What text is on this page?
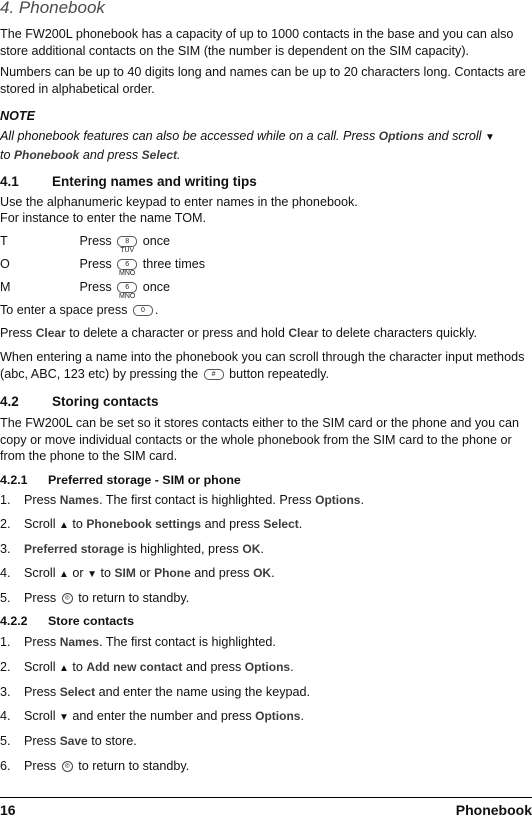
4. Phonebook

The FW200L phonebook has a capacity of up to 1000 contacts in the base and you can also store additional contacts on the SIM (the number is dependent on the SIM capacity).

Numbers can be up to 40 digits long and names can be up to 20 characters long. Contacts are stored in alphabetical order.

NOTE

All phonebook features can also be accessed while on a call. Press Options and scroll ▼
to Phonebook and press Select.

4.1 Entering names and writing tips

Use the alphanumeric keypad to enter names in the phonebook.

For instance to enter the name TOM.

T	Press 8 TUV once

O	Press 6 MNO three times

M	Press 6 MNO once

To enter a space press 0 .

Press Clear to delete a character or press and hold Clear to delete characters quickly.

When entering a name into the phonebook you can scroll through the character input methods (abc, ABC, 123 etc) by pressing the # button repeatedly.

4.2 Storing contacts

The FW200L can be set so it stores contacts either to the SIM card or the phone and you can copy or move individual contacts or the whole phonebook from the SIM card to the phone or from the phone to the SIM card.

4.2.1 Preferred storage - SIM or phone

1. Press Names. The first contact is highlighted. Press Options.

2. Scroll ▲ to Phonebook settings and press Select.

3. Preferred storage is highlighted, press OK.

4. Scroll ▲ or ▼ to SIM or Phone and press OK.

5. Press ◎ to return to standby.

4.2.2 Store contacts

1. Press Names. The first contact is highlighted.

2. Scroll ▲ to Add new contact and press Options.

3. Press Select and enter the name using the keypad.

4. Scroll ▼ and enter the number and press Options.

5. Press Save to store.

6. Press ◎ to return to standby.

16	Phonebook
